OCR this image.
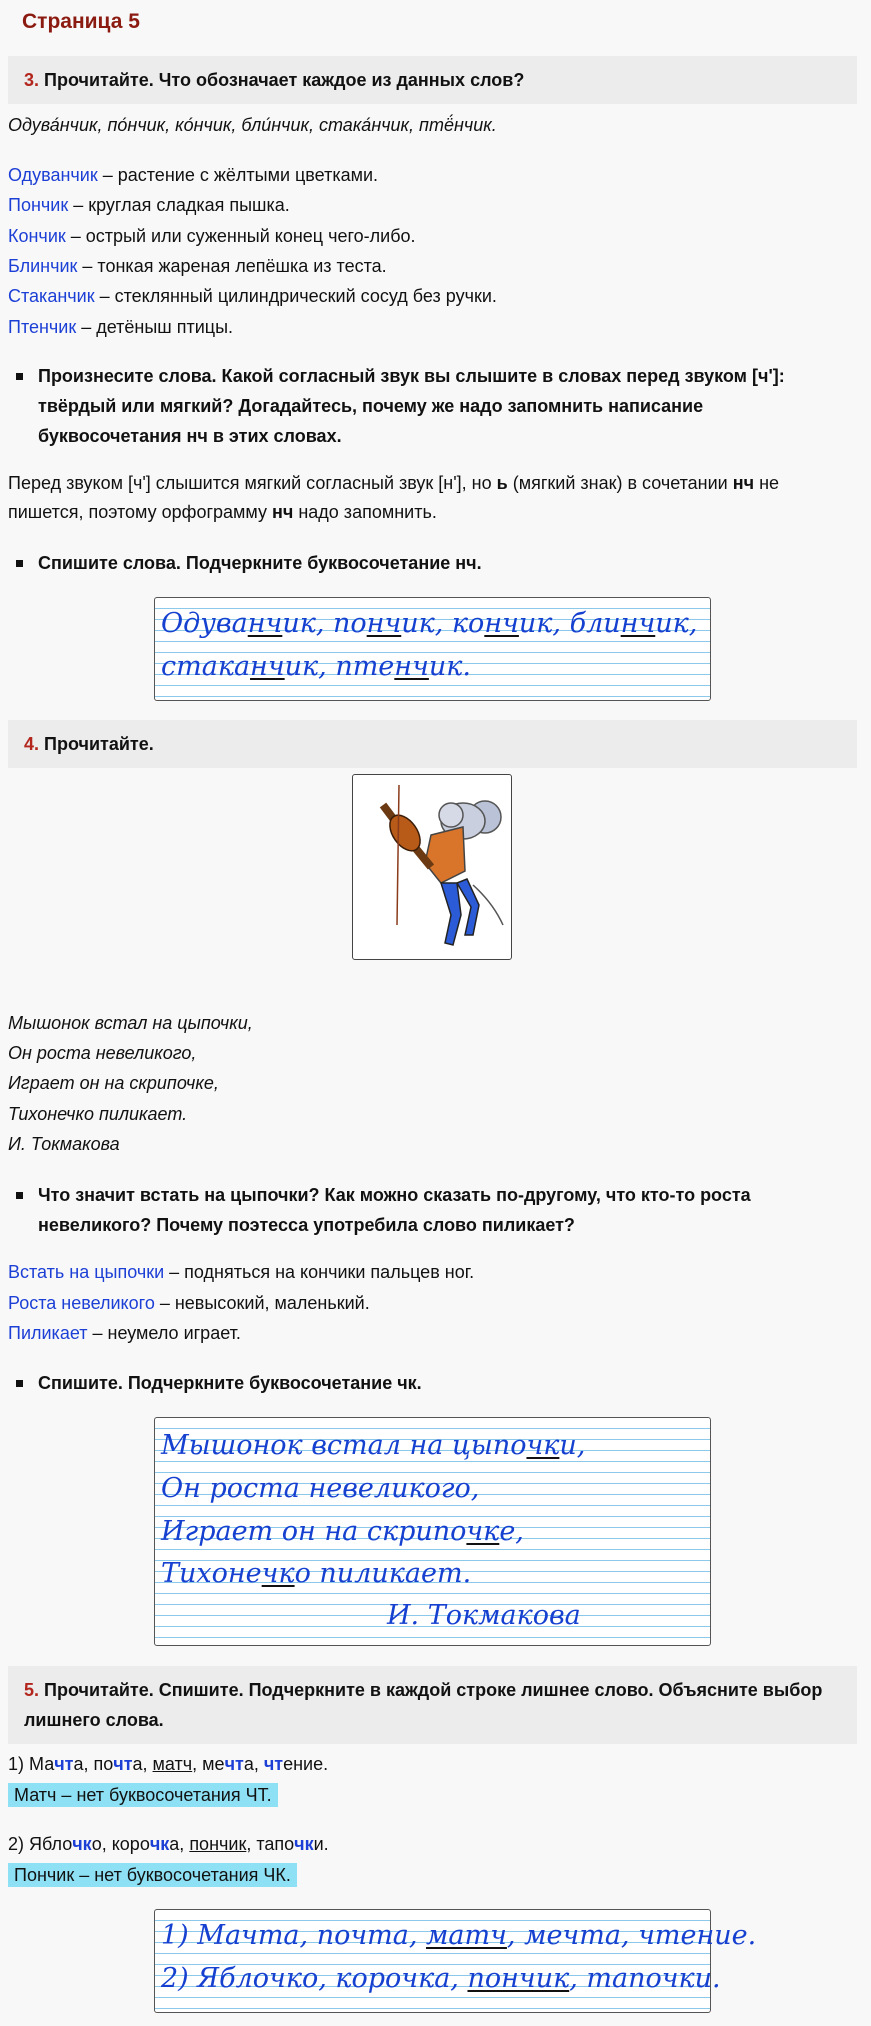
Страница 5
3. Прочитайте. Что обозначает каждое из данных слов?
Одува́нчик, по́нчик, ко́нчик, бли́нчик, стака́нчик, птё́нчик.
Одуванчик – растение с жёлтыми цветками.
Пончик – круглая сладкая пышка.
Кончик – острый или суженный конец чего-либо.
Блинчик – тонкая жареная лепёшка из теста.
Стаканчик – стеклянный цилиндрический сосуд без ручки.
Птенчик – детёныш птицы.
Произнесите слова. Какой согласный звук вы слышите в словах перед звуком [ч']: твёрдый или мягкий? Догадайтесь, почему же надо запомнить написание буквосочетания нч в этих словах.
Перед звуком [ч'] слышится мягкий согласный звук [н'], но ь (мягкий знак) в сочетании нч не пишется, поэтому орфограмму нч надо запомнить.
Спишите слова. Подчеркните буквосочетание нч.
Одуванчик, пончик, кончик, блинчик,
стаканчик, птенчик.
4. Прочитайте.
Мышонок встал на цыпочки,
Он роста невеликого,
Играет он на скрипочке,
Тихонечко пиликает.
И. Токмакова
Что значит встать на цыпочки? Как можно сказать по-другому, что кто-то роста невеликого? Почему поэтесса употребила слово пиликает?
Встать на цыпочки – подняться на кончики пальцев ног.
Роста невеликого – невысокий, маленький.
Пиликает – неумело играет.
Спишите. Подчеркните буквосочетание чк.
Мышонок встал на цыпочки,
Он роста невеликого,
Играет он на скрипочке,
Тихонечко пиликает.
И. Токмакова
5. Прочитайте. Спишите. Подчеркните в каждой строке лишнее слово. Объясните выбор лишнего слова.
1) Мачта, почта, матч, мечта, чтение.
Матч – нет буквосочетания ЧТ.
2) Яблочко, корочка, пончик, тапочки.
Пончик – нет буквосочетания ЧК.
1) Мачта, почта, матч, мечта, чтение.
2) Яблочко, корочка, пончик, тапочки.
